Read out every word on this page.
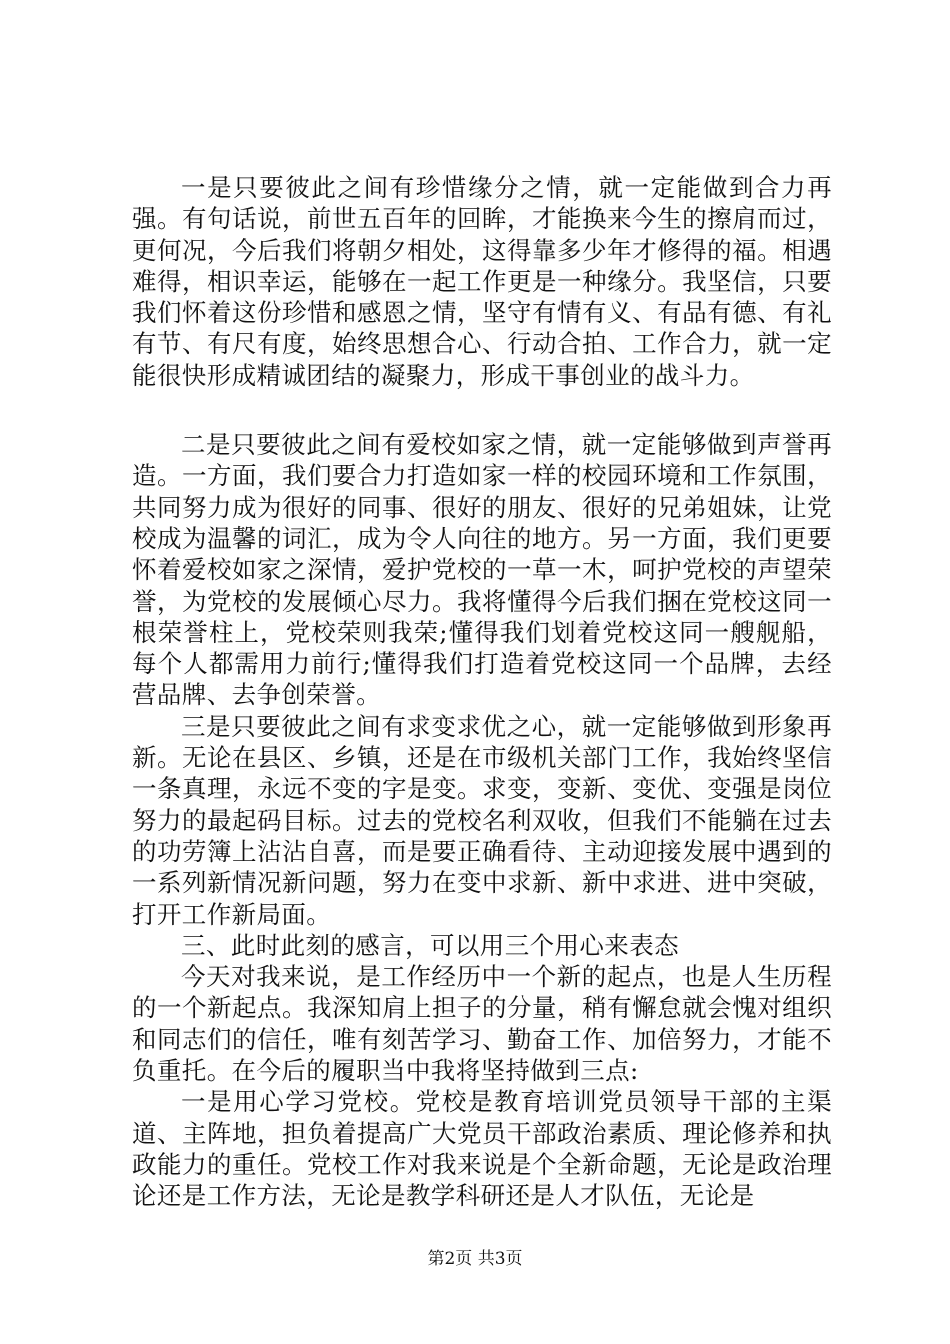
一是只要彼此之间有珍惜缘分之情，就一定能做到合力再强。有句话说，前世五百年的回眸，才能换来今生的擦肩而过，更何况，今后我们将朝夕相处，这得靠多少年才修得的福。相遇难得，相识幸运，能够在一起工作更是一种缘分。我坚信，只要我们怀着这份珍惜和感恩之情，坚守有情有义、有品有德、有礼有节、有尺有度，始终思想合心、行动合拍、工作合力，就一定能很快形成精诚团结的凝聚力，形成干事创业的战斗力。

二是只要彼此之间有爱校如家之情，就一定能够做到声誉再造。一方面，我们要合力打造如家一样的校园环境和工作氛围，共同努力成为很好的同事、很好的朋友、很好的兄弟姐妹，让党校成为温馨的词汇，成为令人向往的地方。另一方面，我们更要怀着爱校如家之深情，爱护党校的一草一木，呵护党校的声望荣誉，为党校的发展倾心尽力。我将懂得今后我们捆在党校这同一根荣誉柱上，党校荣则我荣;懂得我们划着党校这同一艘舰船，每个人都需用力前行;懂得我们打造着党校这同一个品牌，去经营品牌、去争创荣誉。

三是只要彼此之间有求变求优之心，就一定能够做到形象再新。无论在县区、乡镇，还是在市级机关部门工作，我始终坚信一条真理，永远不变的字是变。求变，变新、变优、变强是岗位努力的最起码目标。过去的党校名利双收，但我们不能躺在过去的功劳簿上沾沾自喜，而是要正确看待、主动迎接发展中遇到的一系列新情况新问题，努力在变中求新、新中求进、进中突破，打开工作新局面。

三、此时此刻的感言，可以用三个用心来表态

今天对我来说，是工作经历中一个新的起点，也是人生历程的一个新起点。我深知肩上担子的分量，稍有懈怠就会愧对组织和同志们的信任，唯有刻苦学习、勤奋工作、加倍努力，才能不负重托。在今后的履职当中我将坚持做到三点:

一是用心学习党校。党校是教育培训党员领导干部的主渠道、主阵地，担负着提高广大党员干部政治素质、理论修养和执政能力的重任。党校工作对我来说是个全新命题，无论是政治理论还是工作方法，无论是教学科研还是人才队伍，无论是

第2页 共3页
